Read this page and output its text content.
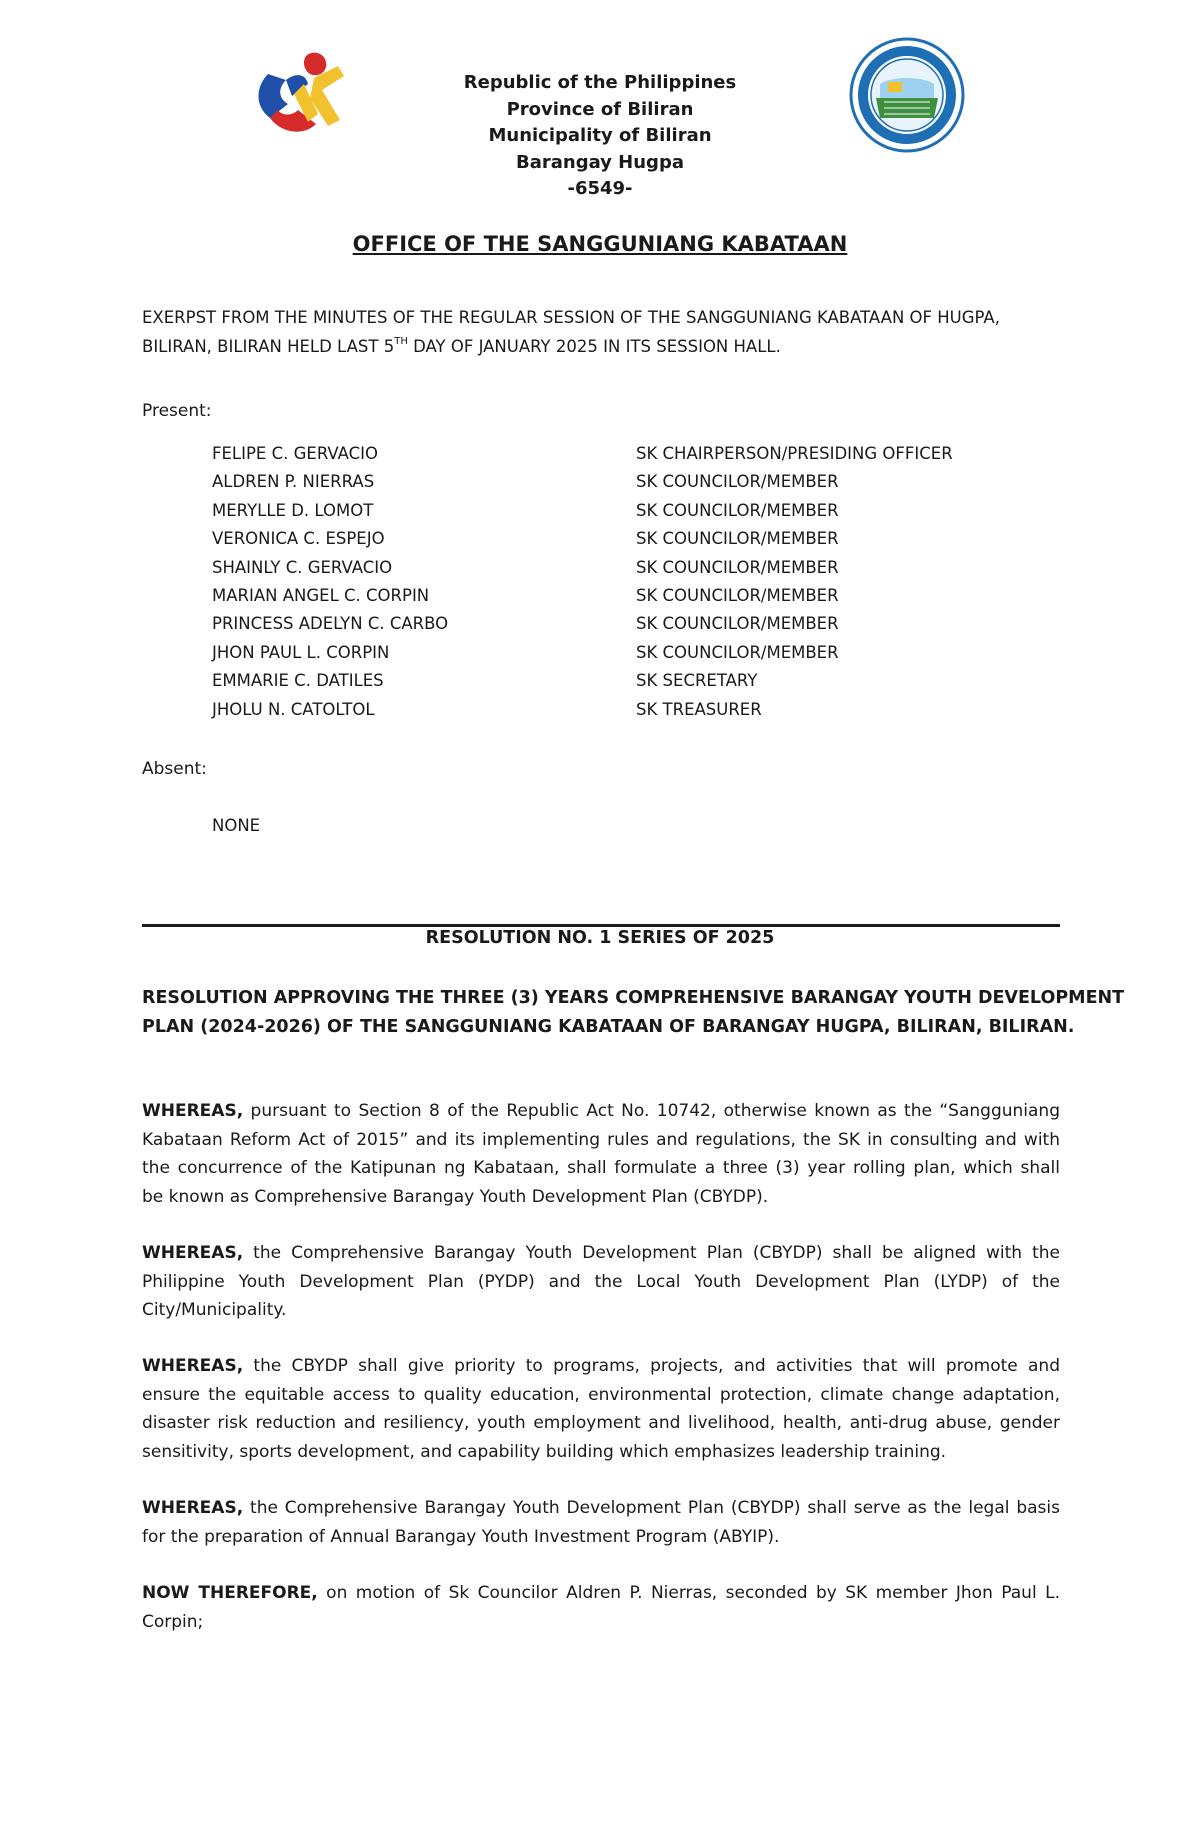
Republic of the Philippines
Province of Biliran
Municipality of Biliran
Barangay Hugpa
-6549-
OFFICE OF THE SANGGUNIANG KABATAAN
EXERPST FROM THE MINUTES OF THE REGULAR SESSION OF THE SANGGUNIANG KABATAAN OF HUGPA,
BILIRAN, BILIRAN HELD LAST 5TH DAY OF JANUARY 2025 IN ITS SESSION HALL.
Present:
FELIPE C. GERVACIO	SK CHAIRPERSON/PRESIDING OFFICER
ALDREN P. NIERRAS	SK COUNCILOR/MEMBER
MERYLLE D. LOMOT	SK COUNCILOR/MEMBER
VERONICA C. ESPEJO	SK COUNCILOR/MEMBER
SHAINLY C. GERVACIO	SK COUNCILOR/MEMBER
MARIAN ANGEL C. CORPIN	SK COUNCILOR/MEMBER
PRINCESS ADELYN C. CARBO	SK COUNCILOR/MEMBER
JHON PAUL L. CORPIN	SK COUNCILOR/MEMBER
EMMARIE C. DATILES	SK SECRETARY
JHOLU N. CATOLTOL	SK TREASURER
Absent:
NONE
RESOLUTION NO. 1 SERIES OF 2025
RESOLUTION APPROVING THE THREE (3) YEARS COMPREHENSIVE BARANGAY YOUTH DEVELOPMENT
PLAN (2024-2026) OF THE SANGGUNIANG KABATAAN OF BARANGAY HUGPA, BILIRAN, BILIRAN.
WHEREAS, pursuant to Section 8 of the Republic Act No. 10742, otherwise known as the “Sangguniang
Kabataan Reform Act of 2015” and its implementing rules and regulations, the SK in consulting and with
the concurrence of the Katipunan ng Kabataan, shall formulate a three (3) year rolling plan, which shall
be known as Comprehensive Barangay Youth Development Plan (CBYDP).
WHEREAS, the Comprehensive Barangay Youth Development Plan (CBYDP) shall be aligned with the
Philippine Youth Development Plan (PYDP) and the Local Youth Development Plan (LYDP) of the
City/Municipality.
WHEREAS, the CBYDP shall give priority to programs, projects, and activities that will promote and
ensure the equitable access to quality education, environmental protection, climate change adaptation,
disaster risk reduction and resiliency, youth employment and livelihood, health, anti-drug abuse, gender
sensitivity, sports development, and capability building which emphasizes leadership training.
WHEREAS, the Comprehensive Barangay Youth Development Plan (CBYDP) shall serve as the legal basis
for the preparation of Annual Barangay Youth Investment Program (ABYIP).
NOW THEREFORE, on motion of Sk Councilor Aldren P. Nierras, seconded by SK member Jhon Paul L.
Corpin;
